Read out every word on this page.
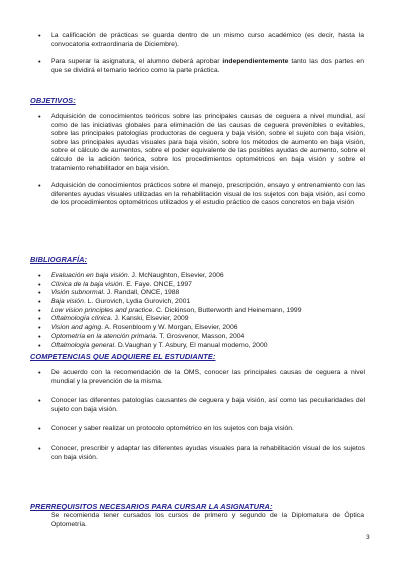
• La calificación de prácticas se guarda dentro de un mismo curso académico (es decir, hasta la convocatoria extraordinaria de Diciembre).
• Para superar la asignatura, el alumno deberá aprobar independientemente tanto las dos partes en que se dividirá el temario teórico como la parte práctica.
OBJETIVOS:
• Adquisición de conocimientos teóricos sobre las principales causas de ceguera a nivel mundial, así como de las iniciativas globales para eliminación de las causas de ceguera prevenibles o evitables, sobre las principales patologías productoras de ceguera y baja visión, sobre el sujeto con baja visión, sobre las principales ayudas visuales para baja visión, sobre los métodos de aumento en baja visión, sobre el cálculo de aumentos, sobre el poder equivalente de las posibles ayudas de aumento, sobre el cálculo de la adición teórica, sobre los procedimientos optométricos en baja visión y sobre el tratamiento rehabilitador en baja visión.
• Adquisición de conocimientos prácticos sobre el manejo, prescripción, ensayo y entrenamiento con las diferentes ayudas visuales utilizadas en la rehabilitación visual de los sujetos con baja visión, así como de los procedimientos optométricos utilizados y el estudio práctico de casos concretos en baja visión
BIBLIOGRAFÍA:
• Evaluación en baja visión. J. McNaughton, Elsevier, 2006
• Clínica de la baja visión. E. Faye. ONCE, 1997
• Visión subnormal. J. Randall, ONCE, 1988
• Baja visión. L. Gurovich, Lydia Gurovich, 2001
• Low vision principles and practice. C. Dickinson, Butterworth and Heinemann, 1999
• Oftalmología clínica. J. Kanski, Elsevier, 2009
• Vision and aging. A. Rosenbloom y W. Morgan, Elsevier, 2006
• Optometría en la atención primaria. T. Grosvenor, Masson, 2004
• Oftalmología general. D.Vaughan y T. Asbury, El manual moderno, 2000
COMPETENCIAS QUE ADQUIERE EL ESTUDIANTE:
• De acuerdo con la recomendación de la OMS, conocer las principales causas de ceguera a nivel mundial y la prevención de la misma.
• Conocer las diferentes patologías causantes de ceguera y baja visión, así como las peculiaridades del sujeto con baja visión.
• Conocer y saber realizar un protocolo optométrico en los sujetos con baja visión.
• Conocer, prescribir y adaptar las diferentes ayudas visuales para la rehabilitación visual de los sujetos con baja visión.
PRERREQUISITOS NECESARIOS PARA CURSAR LA ASIGNATURA:
Se recomienda tener cursados los cursos de primero y segundo de la Diplomatura de Óptica Optometría.
3
